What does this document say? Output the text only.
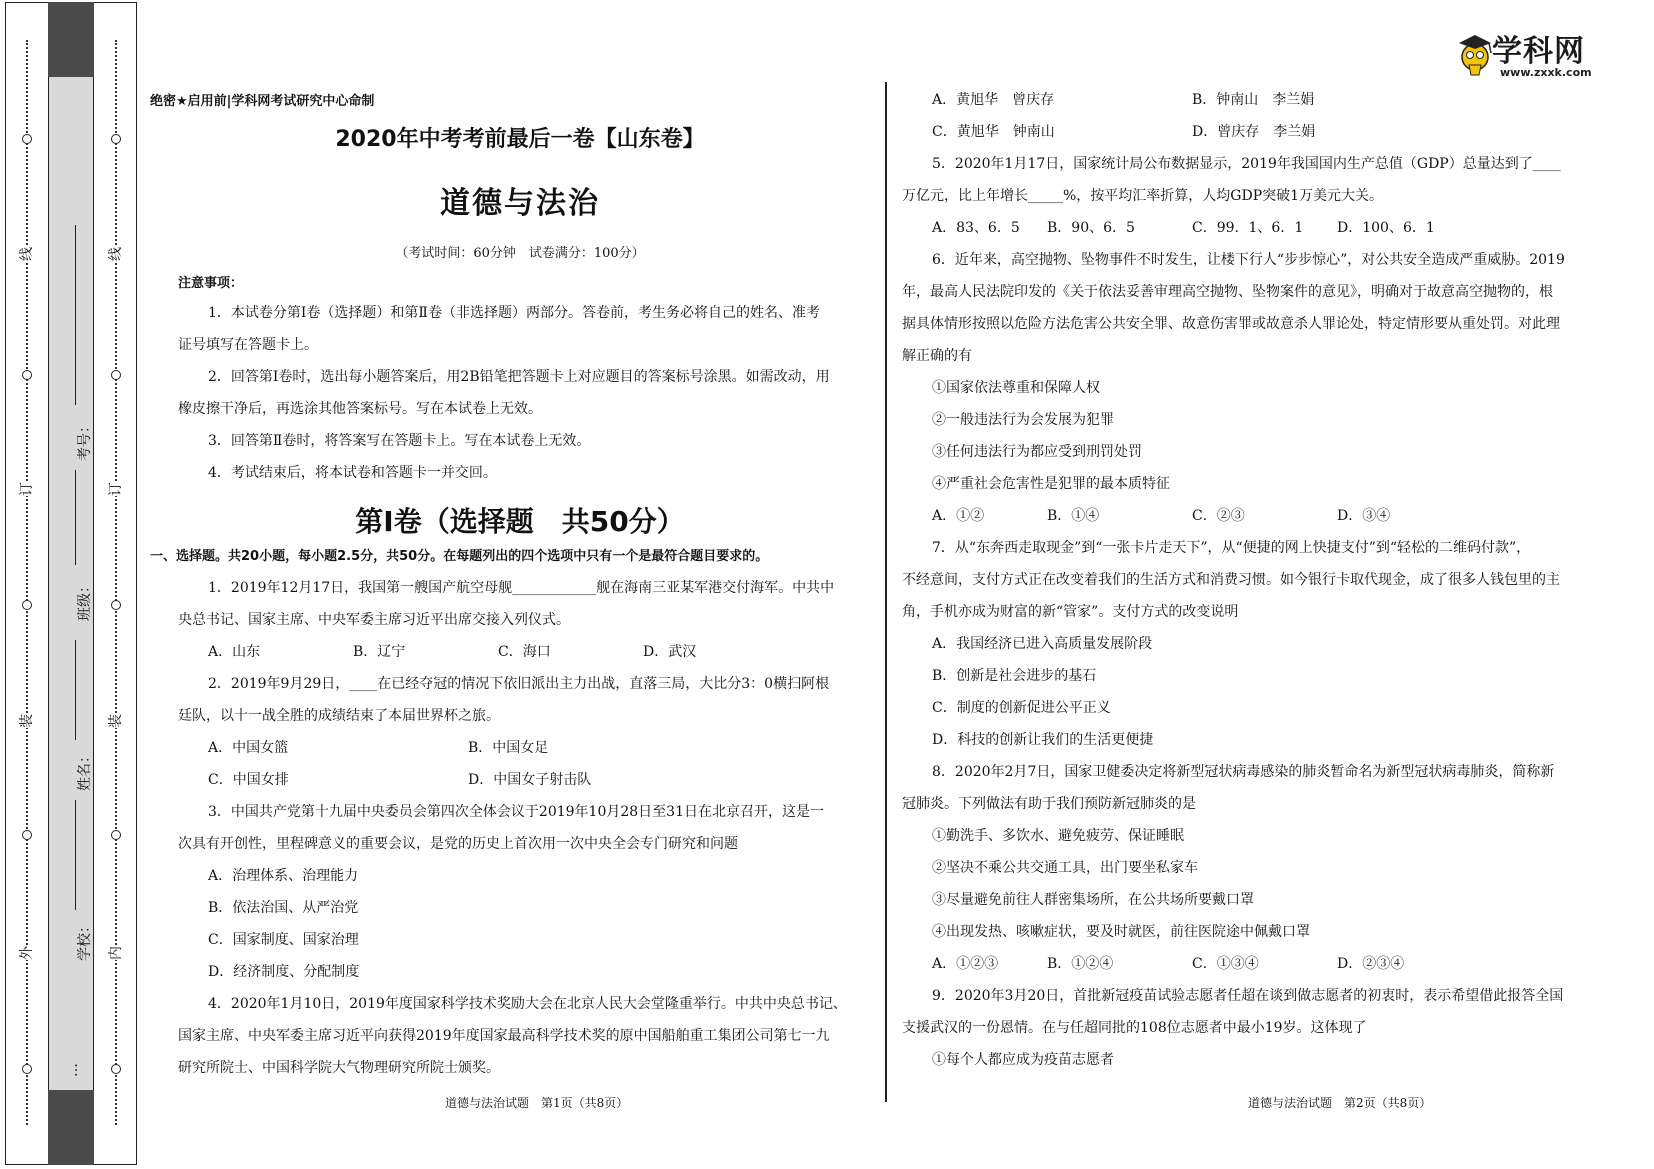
线
订
装
外
线
订
装
内
考号：
班级：
姓名：
学校：
…
学科网
www.zxxk.com
绝密★启用前|学科网考试研究中心命制
2020年中考考前最后一卷【山东卷】
道德与法治
（考试时间：60分钟　试卷满分：100分）
注意事项：
1．本试卷分第Ⅰ卷（选择题）和第Ⅱ卷（非选择题）两部分。答卷前，考生务必将自己的姓名、准考
证号填写在答题卡上。
2．回答第Ⅰ卷时，选出每小题答案后，用2B铅笔把答题卡上对应题目的答案标号涂黑。如需改动，用
橡皮擦干净后，再选涂其他答案标号。写在本试卷上无效。
3．回答第Ⅱ卷时，将答案写在答题卡上。写在本试卷上无效。
4．考试结束后，将本试卷和答题卡一并交回。
第Ⅰ卷（选择题　共50分）
一、选择题。共20小题，每小题2.5分，共50分。在每题列出的四个选项中只有一个是最符合题目要求的。
1．2019年12月17日，我国第一艘国产航空母舰____________舰在海南三亚某军港交付海军。中共中
央总书记、国家主席、中央军委主席习近平出席交接入列仪式。
A．山东	B．辽宁	C．海口	D．武汉
2．2019年9月29日，____在已经夺冠的情况下依旧派出主力出战，直落三局，大比分3：0横扫阿根
廷队，以十一战全胜的成绩结束了本届世界杯之旅。
A．中国女篮	B．中国女足
C．中国女排	D．中国女子射击队
3．中国共产党第十九届中央委员会第四次全体会议于2019年10月28日至31日在北京召开，这是一
次具有开创性，里程碑意义的重要会议，是党的历史上首次用一次中央全会专门研究和问题
A．治理体系、治理能力
B．依法治国、从严治党
C．国家制度、国家治理
D．经济制度、分配制度
4．2020年1月10日，2019年度国家科学技术奖励大会在北京人民大会堂隆重举行。中共中央总书记、
国家主席、中央军委主席习近平向获得2019年度国家最高科学技术奖的原中国船舶重工集团公司第七一九
研究所院士、中国科学院大气物理研究所院士颁奖。
道德与法治试题　第1页（共8页）
A．黄旭华　曾庆存	B．钟南山　李兰娟
C．黄旭华　钟南山	D．曾庆存　李兰娟
5．2020年1月17日，国家统计局公布数据显示，2019年我国国内生产总值（GDP）总量达到了____
万亿元，比上年增长_____%，按平均汇率折算，人均GDP突破1万美元大关。
A．83、6．5 B．90、6．5	C．99．1、6．1 D．100、6．1
6．近年来，高空抛物、坠物事件不时发生，让楼下行人“步步惊心”，对公共安全造成严重威胁。2019
年，最高人民法院印发的《关于依法妥善审理高空抛物、坠物案件的意见》，明确对于故意高空抛物的，根
据具体情形按照以危险方法危害公共安全罪、故意伤害罪或故意杀人罪论处，特定情形要从重处罚。对此理
解正确的有
①国家依法尊重和保障人权
②一般违法行为会发展为犯罪
③任何违法行为都应受到刑罚处罚
④严重社会危害性是犯罪的最本质特征
A．①②	B．①④	C．②③	D．③④
7．从“东奔西走取现金”到“一张卡片走天下”，从“便捷的网上快捷支付”到“轻松的二维码付款”，
不经意间，支付方式正在改变着我们的生活方式和消费习惯。如今银行卡取代现金，成了很多人钱包里的主
角，手机亦成为财富的新“管家”。支付方式的改变说明
A．我国经济已进入高质量发展阶段
B．创新是社会进步的基石
C．制度的创新促进公平正义
D．科技的创新让我们的生活更便捷
8．2020年2月7日，国家卫健委决定将新型冠状病毒感染的肺炎暂命名为新型冠状病毒肺炎，简称新
冠肺炎。下列做法有助于我们预防新冠肺炎的是
①勤洗手、多饮水、避免疲劳、保证睡眠
②坚决不乘公共交通工具，出门要坐私家车
③尽量避免前往人群密集场所，在公共场所要戴口罩
④出现发热、咳嗽症状，要及时就医，前往医院途中佩戴口罩
A．①②③	B．①②④	C．①③④	D．②③④
9．2020年3月20日，首批新冠疫苗试验志愿者任超在谈到做志愿者的初衷时，表示希望借此报答全国
支援武汉的一份恩情。在与任超同批的108位志愿者中最小19岁。这体现了
①每个人都应成为疫苗志愿者
道德与法治试题　第2页（共8页）
